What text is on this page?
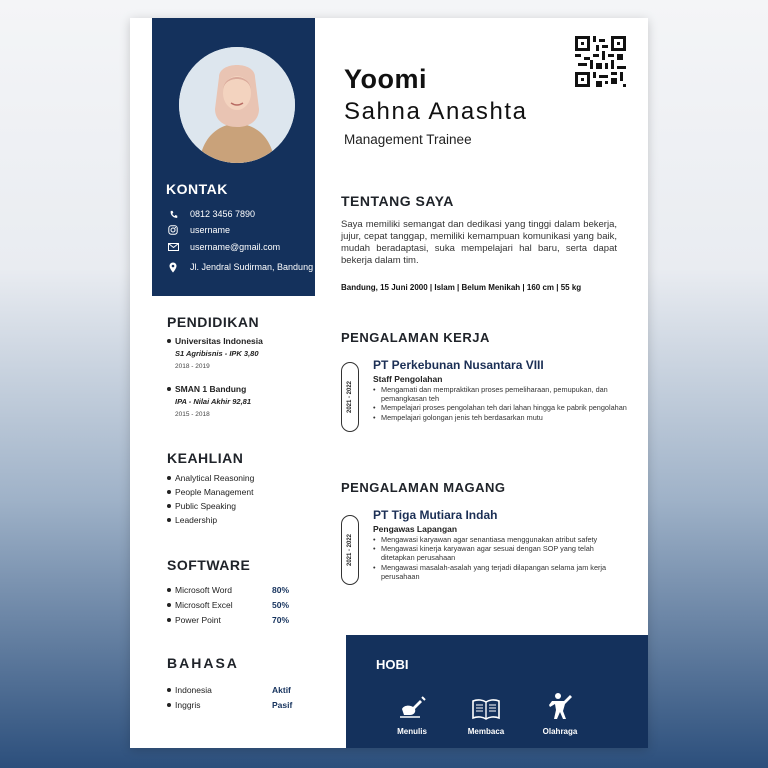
KONTAK
0812 3456 7890
username
username@gmail.com
Jl. Jendral Sudirman, Bandung
PENDIDIKAN
Universitas Indonesia
S1 Agribisnis - IPK 3,80
2018 - 2019
SMAN 1 Bandung
IPA - Nilai Akhir 92,81
2015 - 2018
KEAHLIAN
Analytical Reasoning
People Management
Public Speaking
Leadership
SOFTWARE
Microsoft Word	80%
Microsoft Excel	50%
Power Point	70%
BAHASA
Indonesia	Aktif
Inggris	Pasif
Yoomi
Sahna Anashta
Management Trainee
TENTANG SAYA
Saya memiliki semangat dan dedikasi yang tinggi dalam bekerja, jujur, cepat tanggap, memiliki kemampuan komunikasi yang baik, mudah beradaptasi, suka mempelajari hal baru, serta dapat bekerja dalam tim.
Bandung, 15 Juni 2000 | Islam | Belum Menikah | 160 cm | 55 kg
PENGALAMAN KERJA
2021 - 2022
PT Perkebunan Nusantara VIII
Staff Pengolahan
• Mengamati dan mempraktikan proses pemeliharaan, pemupukan, dan pemangkasan teh
• Mempelajari proses pengolahan teh dari lahan hingga ke pabrik pengolahan
• Mempelajari golongan jenis teh berdasarkan mutu
PENGALAMAN MAGANG
2021 - 2022
PT Tiga Mutiara Indah
Pengawas Lapangan
• Mengawasi karyawan agar senantiasa menggunakan atribut safety
• Mengawasi kinerja karyawan agar sesuai dengan SOP yang telah ditetapkan perusahaan
• Mengawasi masalah-asalah yang terjadi dilapangan selama jam kerja perusahaan
HOBI
Menulis	Membaca	Olahraga
